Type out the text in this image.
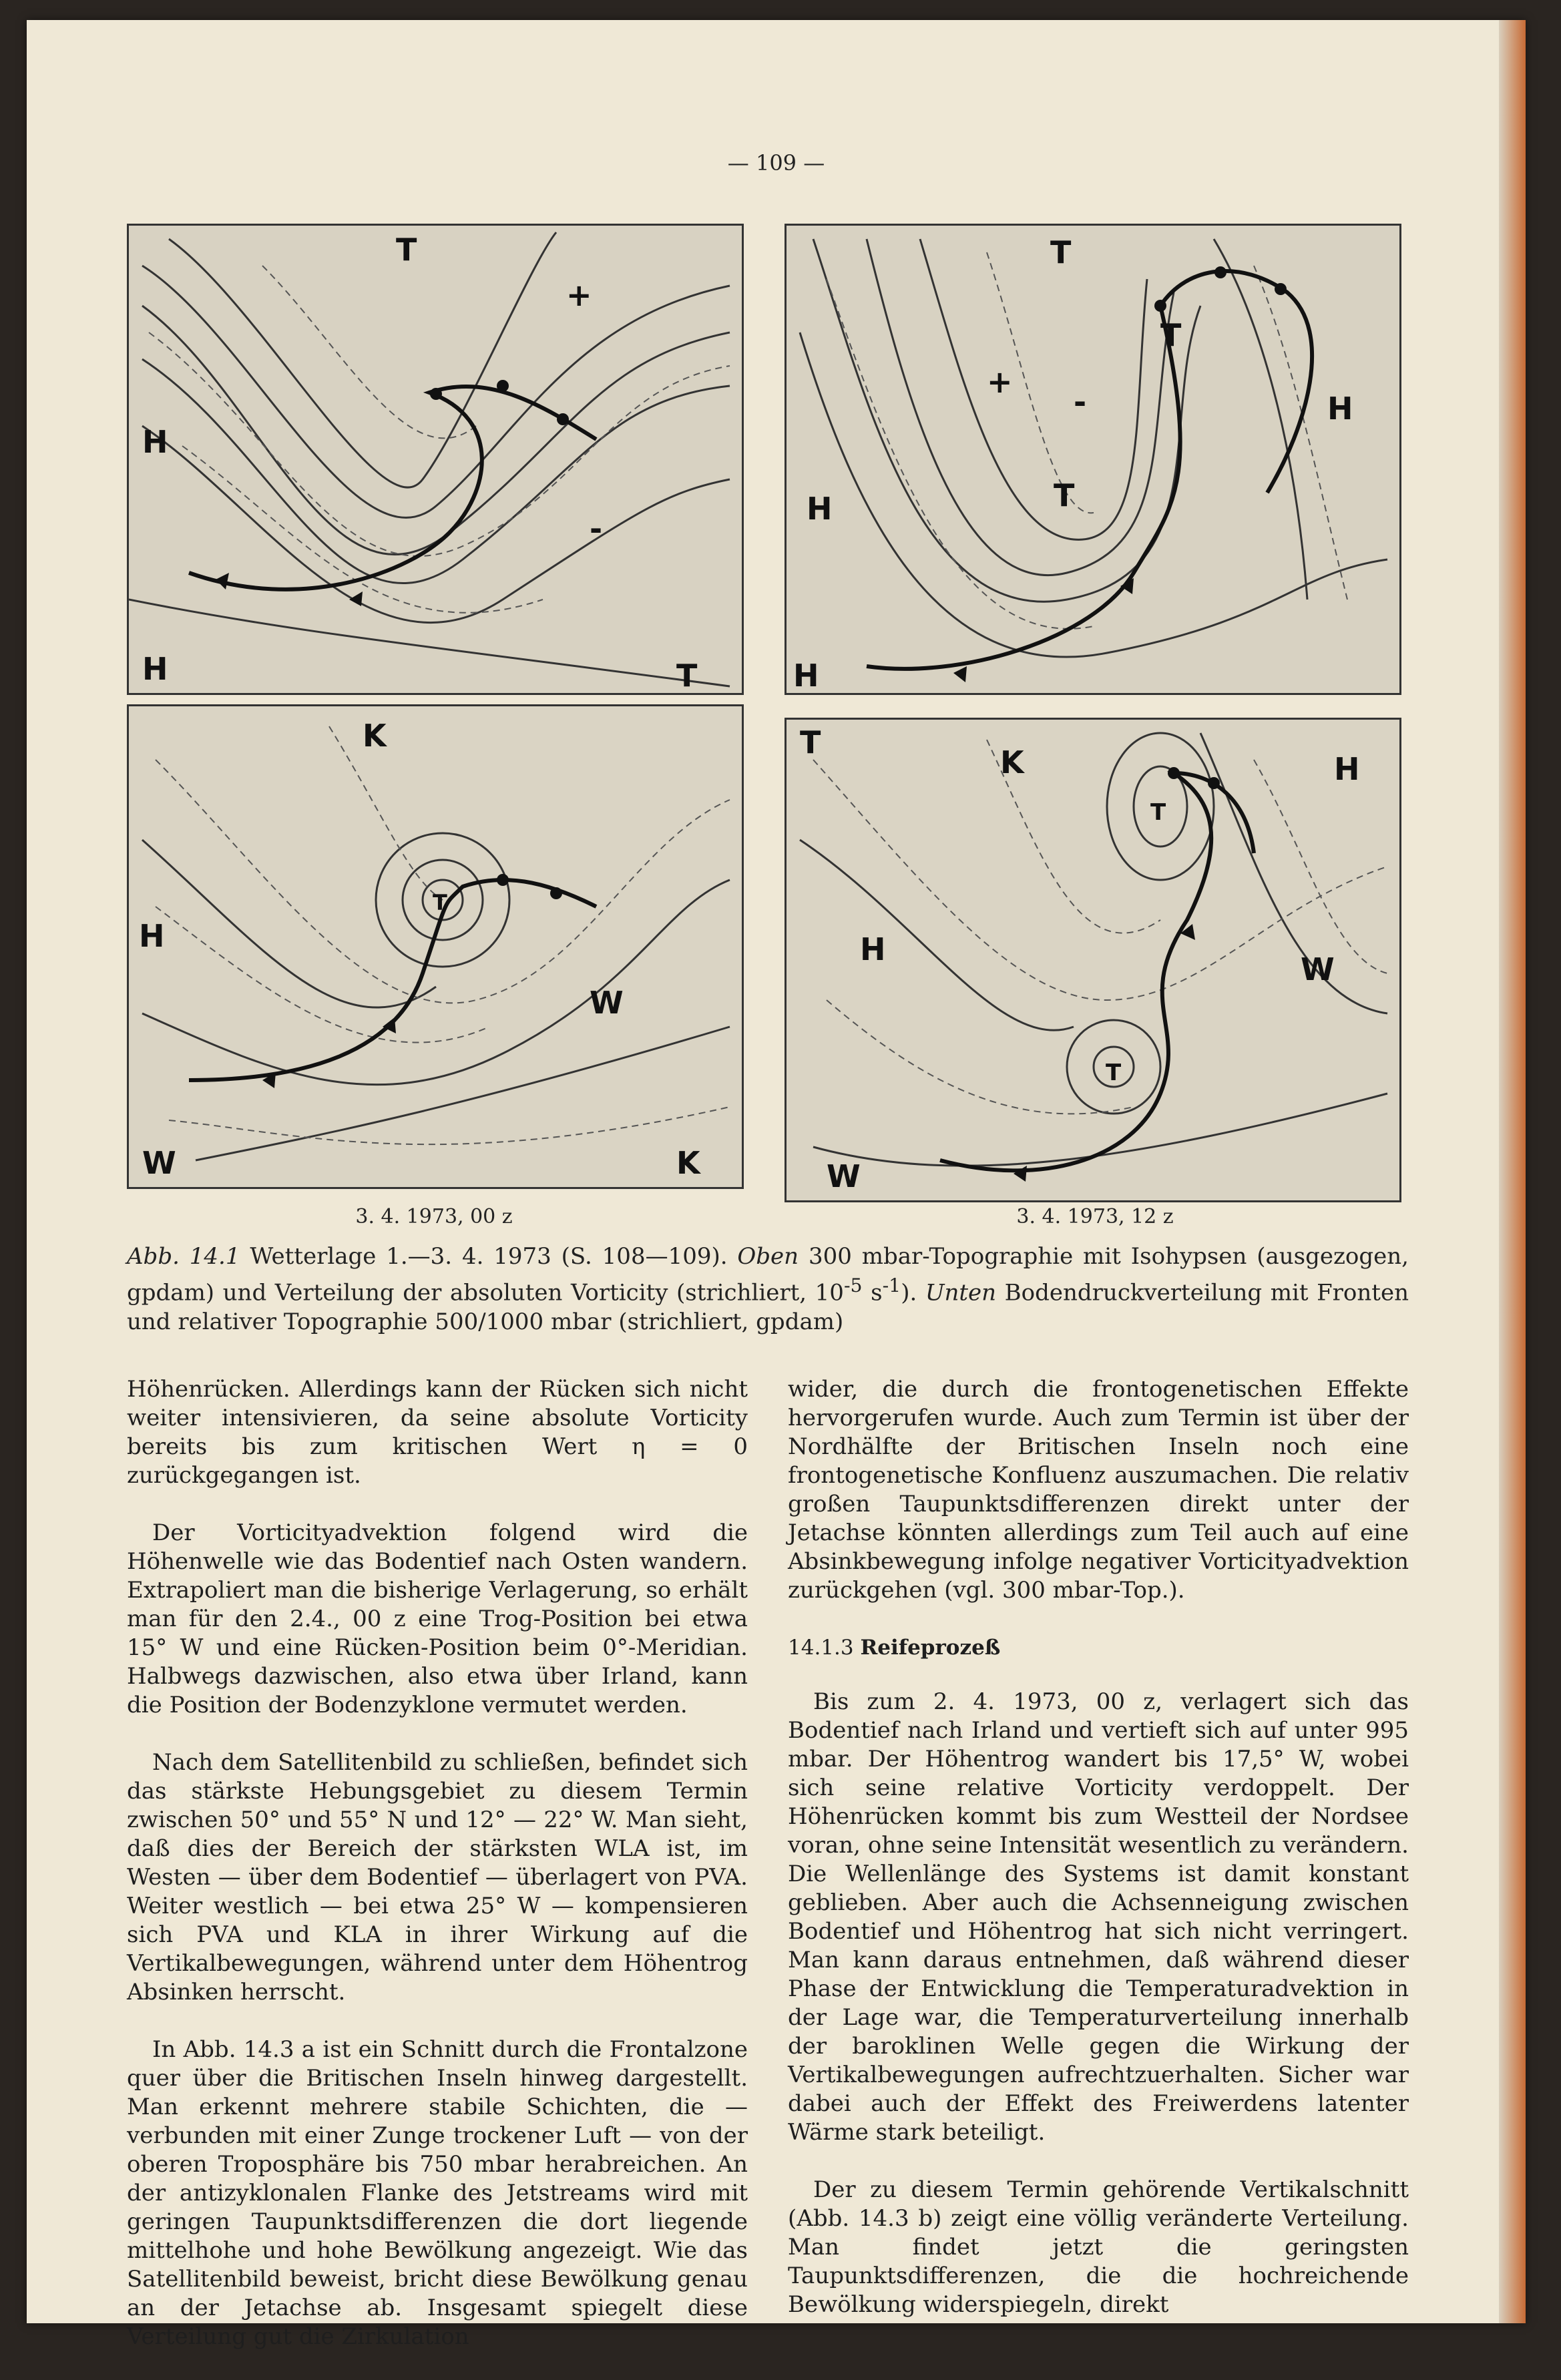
— 109 —
T
H
H	T
+
-
T
T
H
H
H
T
+
-
K
H
T
W
W	K
T
K
T
H
H
W
T
W
3. 4. 1973, 00 z	3. 4. 1973, 12 z
Abb. 14.1 Wetterlage 1.—3. 4. 1973 (S. 108—109). Oben 300 mbar-Topographie mit Isohypsen (ausgezogen, gpdam) und Verteilung der absoluten Vorticity (strichliert, $10^{-5}$ $s^{-1}$). Unten Bodendruckverteilung mit Fronten und relativer Topographie 500/1000 mbar (strichliert, gpdam)

Höhenrücken. Allerdings kann der Rücken sich nicht weiter intensivieren, da seine absolute Vorticity bereits bis zum kritischen Wert η = 0 zurückgegangen ist.

Der Vorticityadvektion folgend wird die Höhenwelle wie das Bodentief nach Osten wandern. Extrapoliert man die bisherige Verlagerung, so erhält man für den 2.4., 00 z eine Trog-Position bei etwa 15° W und eine Rücken-Position beim 0°-Meridian. Halbwegs dazwischen, also etwa über Irland, kann die Position der Bodenzyklone vermutet werden.

Nach dem Satellitenbild zu schließen, befindet sich das stärkste Hebungsgebiet zu diesem Termin zwischen 50° und 55° N und 12° — 22° W. Man sieht, daß dies der Bereich der stärksten WLA ist, im Westen — über dem Bodentief — überlagert von PVA. Weiter westlich — bei etwa 25° W — kompensieren sich PVA und KLA in ihrer Wirkung auf die Vertikalbewegungen, während unter dem Höhentrog Absinken herrscht.

In Abb. 14.3 a ist ein Schnitt durch die Frontalzone quer über die Britischen Inseln hinweg dargestellt. Man erkennt mehrere stabile Schichten, die — verbunden mit einer Zunge trockener Luft — von der oberen Troposphäre bis 750 mbar herabreichen. An der antizyklonalen Flanke des Jetstreams wird mit geringen Taupunktsdifferenzen die dort liegende mittelhohe und hohe Bewölkung angezeigt. Wie das Satellitenbild beweist, bricht diese Bewölkung genau an der Jetachse ab. Insgesamt spiegelt diese Verteilung gut die Zirkulation

wider, die durch die frontogenetischen Effekte hervorgerufen wurde. Auch zum Termin ist über der Nordhälfte der Britischen Inseln noch eine frontogenetische Konfluenz auszumachen. Die relativ großen Taupunktsdifferenzen direkt unter der Jetachse könnten allerdings zum Teil auch auf eine Absinkbewegung infolge negativer Vorticityadvektion zurückgehen (vgl. 300 mbar-Top.).

14.1.3 Reifeprozeß

Bis zum 2. 4. 1973, 00 z, verlagert sich das Bodentief nach Irland und vertieft sich auf unter 995 mbar. Der Höhentrog wandert bis 17,5° W, wobei sich seine relative Vorticity verdoppelt. Der Höhenrücken kommt bis zum Westteil der Nordsee voran, ohne seine Intensität wesentlich zu verändern. Die Wellenlänge des Systems ist damit konstant geblieben. Aber auch die Achsenneigung zwischen Bodentief und Höhentrog hat sich nicht verringert. Man kann daraus entnehmen, daß während dieser Phase der Entwicklung die Temperaturadvektion in der Lage war, die Temperaturverteilung innerhalb der baroklinen Welle gegen die Wirkung der Vertikalbewegungen aufrechtzuerhalten. Sicher war dabei auch der Effekt des Freiwerdens latenter Wärme stark beteiligt.

Der zu diesem Termin gehörende Vertikalschnitt (Abb. 14.3 b) zeigt eine völlig veränderte Verteilung. Man findet jetzt die geringsten Taupunktsdifferenzen, die die hochreichende Bewölkung widerspiegeln, direkt
